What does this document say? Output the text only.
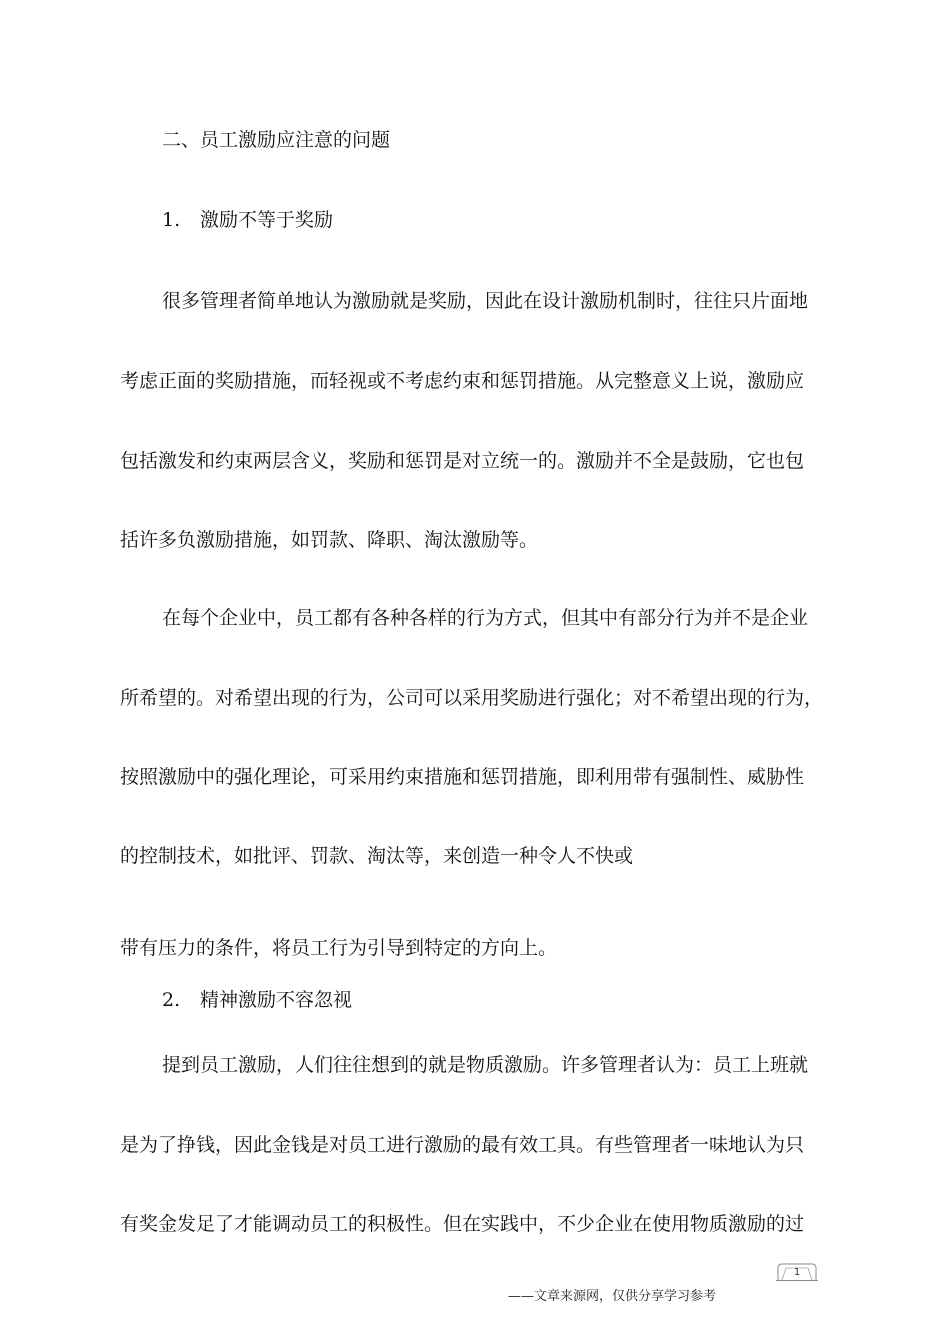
二、员工激励应注意的问题

1. 激励不等于奖励

很多管理者简单地认为激励就是奖励，因此在设计激励机制时，往往只片面地

考虑正面的奖励措施，而轻视或不考虑约束和惩罚措施。从完整意义上说，激励应

包括激发和约束两层含义，奖励和惩罚是对立统一的。激励并不全是鼓励，它也包

括许多负激励措施，如罚款、降职、淘汰激励等。

在每个企业中，员工都有各种各样的行为方式，但其中有部分行为并不是企业

所希望的。对希望出现的行为，公司可以采用奖励进行强化；对不希望出现的行为，

按照激励中的强化理论，可采用约束措施和惩罚措施，即利用带有强制性、威胁性

的控制技术，如批评、罚款、淘汰等，来创造一种令人不快或

带有压力的条件，将员工行为引导到特定的方向上。

2. 精神激励不容忽视

提到员工激励，人们往往想到的就是物质激励。许多管理者认为：员工上班就

是为了挣钱，因此金钱是对员工进行激励的最有效工具。有些管理者一味地认为只

有奖金发足了才能调动员工的积极性。但在实践中，不少企业在使用物质激励的过

1
——文章来源网，仅供分享学习参考
